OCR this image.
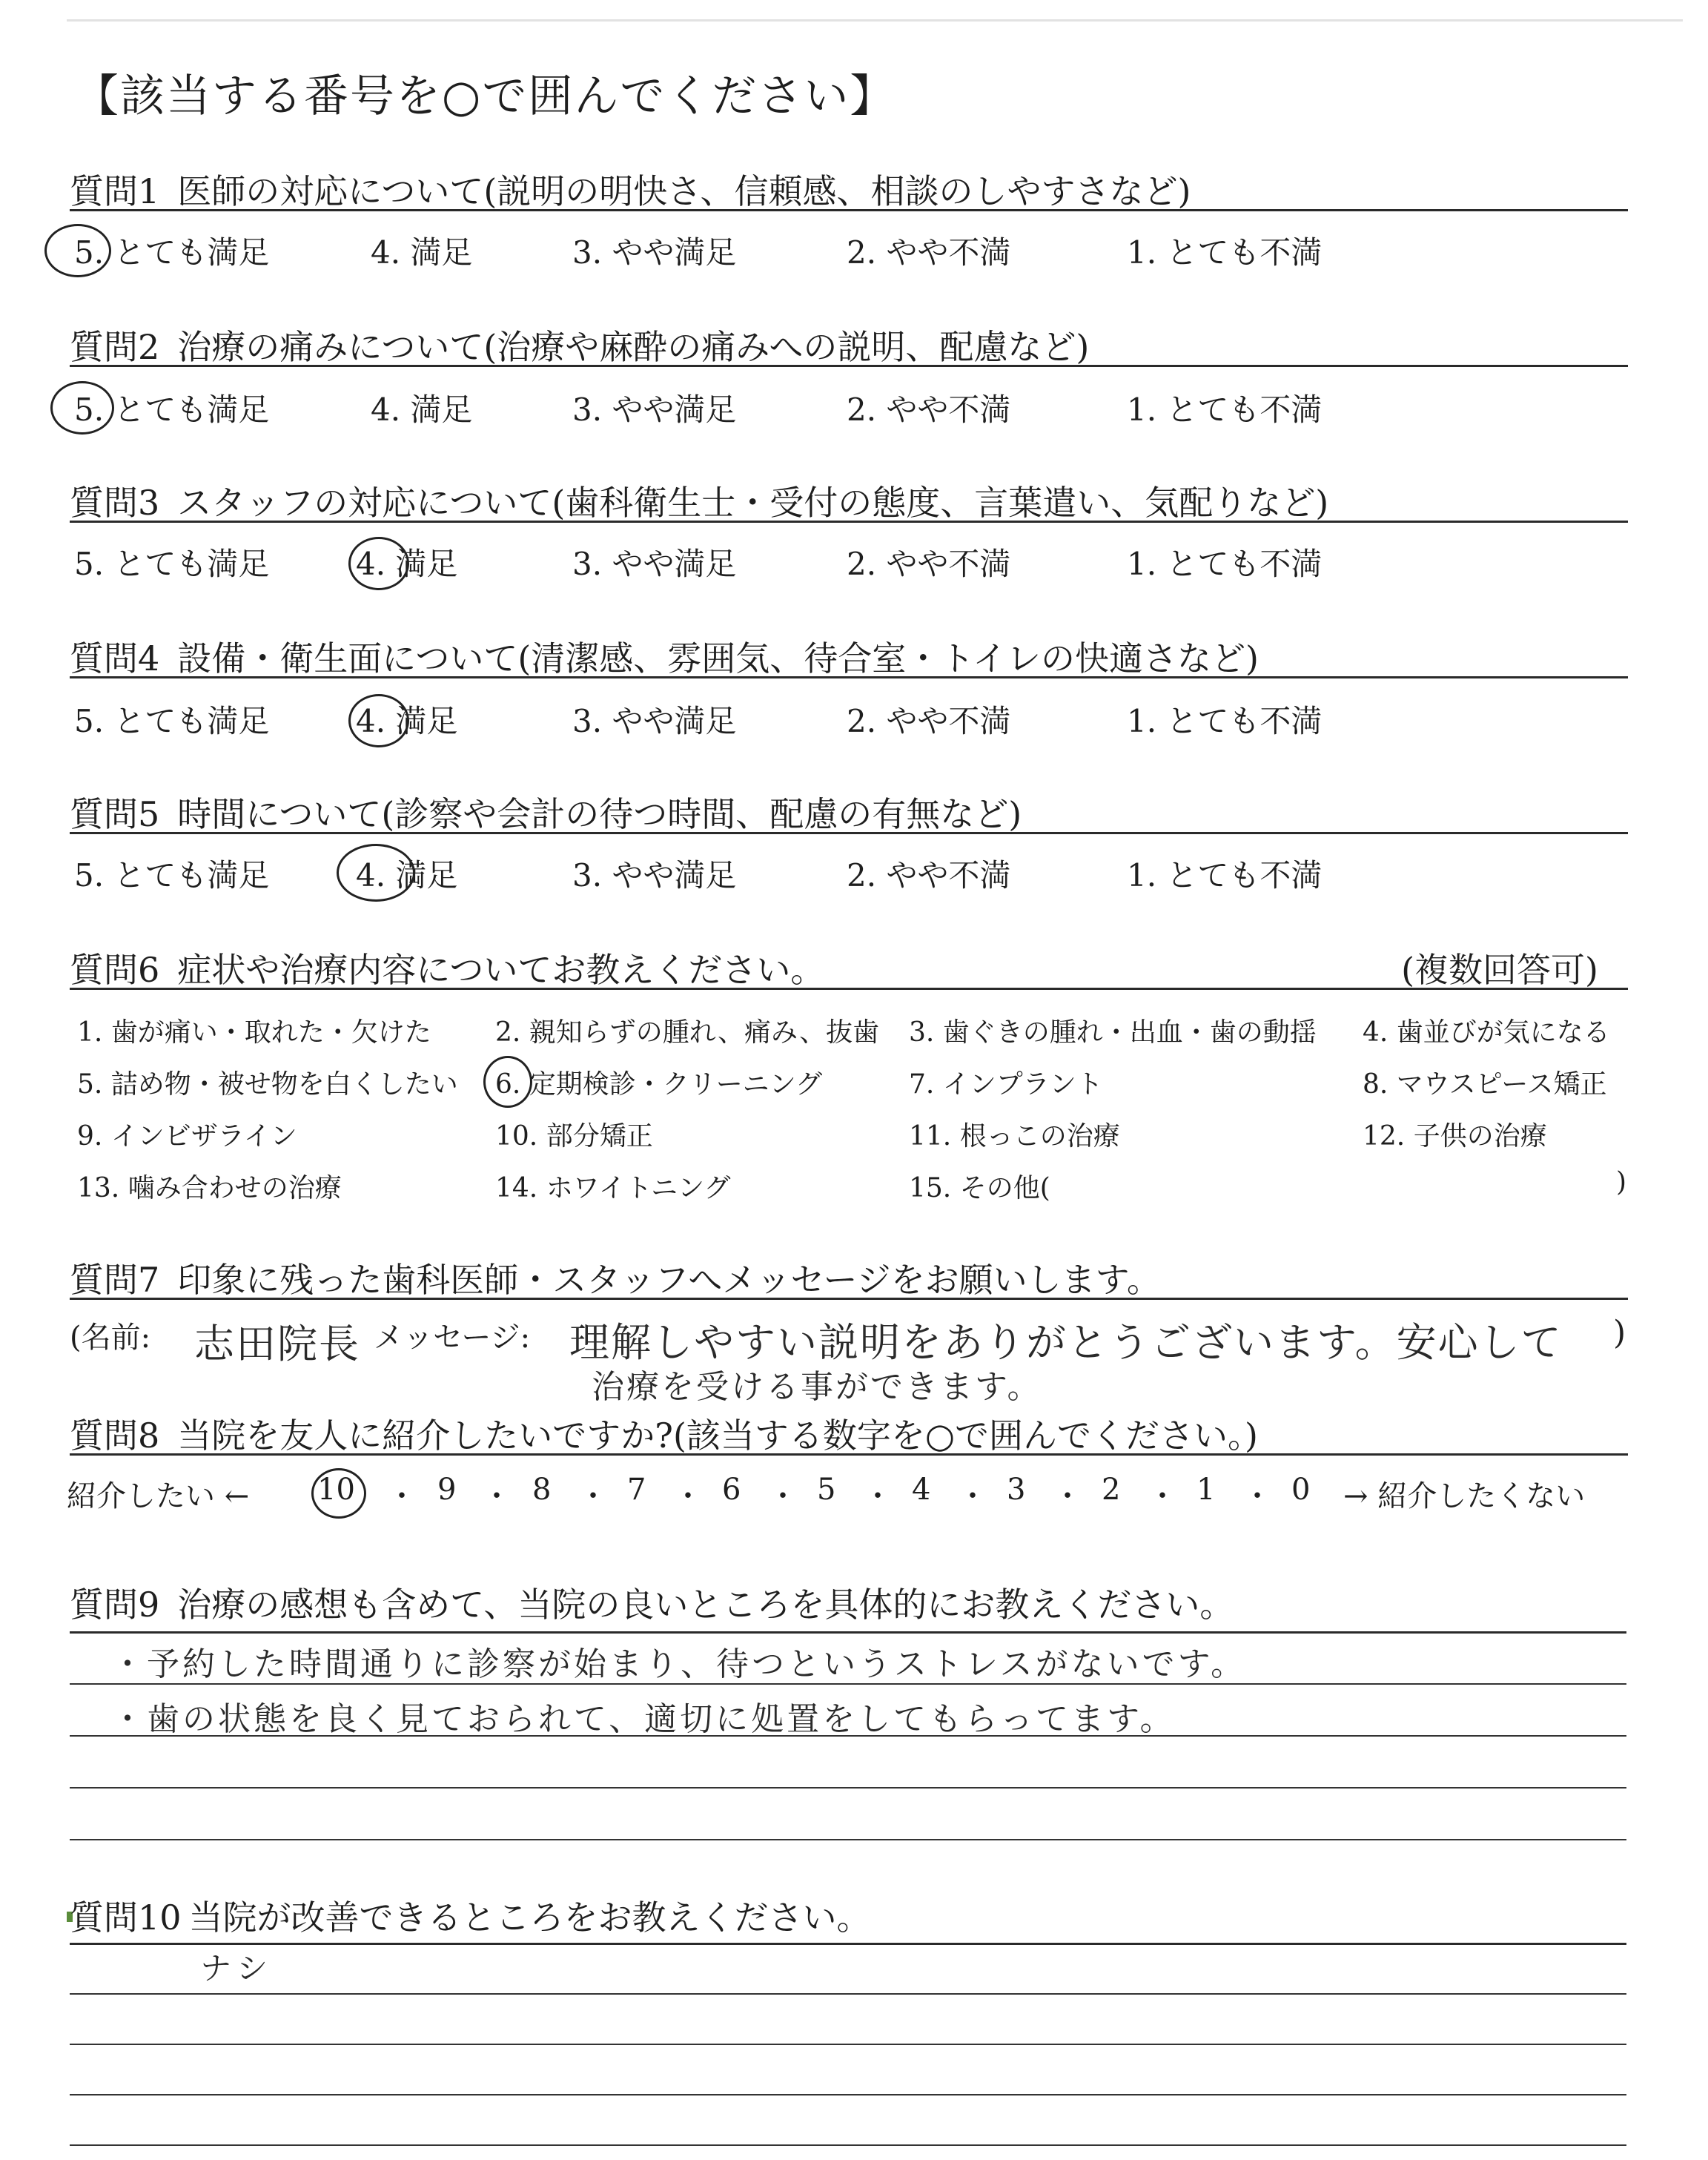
【該当する番号を○で囲んでください】
質問1 医師の対応について(説明の明快さ、信頼感、相談のしやすさなど)
5. とても満足	4. 満足	3. やや満足	2. やや不満	1. とても不満
質問2 治療の痛みについて(治療や麻酔の痛みへの説明、配慮など)
5. とても満足	4. 満足	3. やや満足	2. やや不満	1. とても不満
質問3 スタッフの対応について(歯科衛生士・受付の態度、言葉遣い、気配りなど)
5. とても満足	4. 満足	3. やや満足	2. やや不満	1. とても不満
質問4 設備・衛生面について(清潔感、雰囲気、待合室・トイレの快適さなど)
5. とても満足	4. 満足	3. やや満足	2. やや不満	1. とても不満
質問5 時間について(診察や会計の待つ時間、配慮の有無など)
5. とても満足	4. 満足	3. やや満足	2. やや不満	1. とても不満
質問6 症状や治療内容についてお教えください。	(複数回答可)
1. 歯が痛い・取れた・欠けた 2. 親知らずの腫れ、痛み、抜歯 3. 歯ぐきの腫れ・出血・歯の動揺 4. 歯並びが気になる
5. 詰め物・被せ物を白くしたい 6. 定期検診・クリーニング	7. インプラント	8. マウスピース矯正
9. インビザライン	10. 部分矯正	11. 根っこの治療	12. 子供の治療
13. 噛み合わせの治療	14. ホワイトニング	15. その他(	)
質問7 印象に残った歯科医師・スタッフへメッセージをお願いします。
(名前: 志田院長 メッセージ: 理解しやすい説明をありがとうございます。安心して )
治療を受ける事ができます。
質問8 当院を友人に紹介したいですか?(該当する数字を○で囲んでください。)
紹介したい ← 10 ・ 9 ・ 8 ・ 7 ・ 6 ・ 5 ・ 4 ・ 3 ・ 2 ・ 1 ・ 0 → 紹介したくない
質問9 治療の感想も含めて、当院の良いところを具体的にお教えください。
・予約した時間通りに診察が始まり、待つというストレスがないです。
・歯の状態を良く見ておられて、適切に処置をしてもらってます。
質問10 当院が改善できるところをお教えください。
ナシ
